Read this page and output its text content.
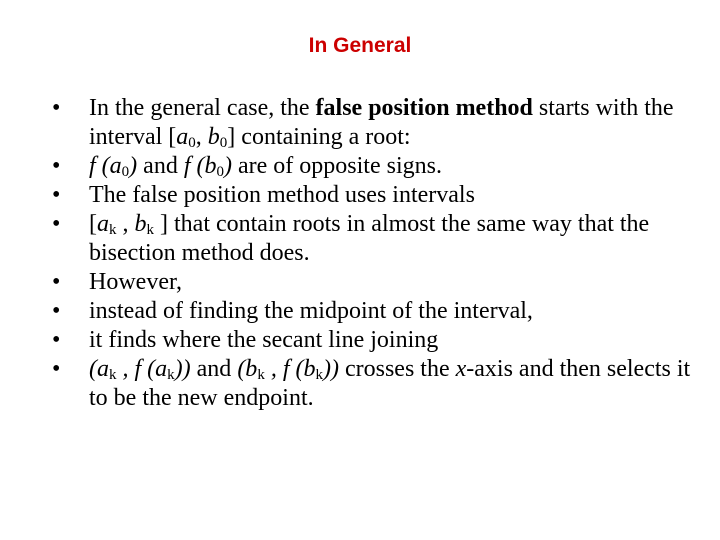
In General
• In the general case, the false position method starts with the interval [$a_0$, $b_0$] containing a root:
• f $(a_0)$ and f $(b_0)$ are of opposite signs.
• The false position method uses intervals
• [$a_k$ , $b_k$ ] that contain roots in almost the same way that the bisection method does.
• However,
• instead of finding the midpoint of the interval,
• it finds where the secant line joining
• ($a_k$ , f $(a_k)$) and ($b_k$ , f $(b_k)$) crosses the x-axis and then selects it to be the new endpoint.
